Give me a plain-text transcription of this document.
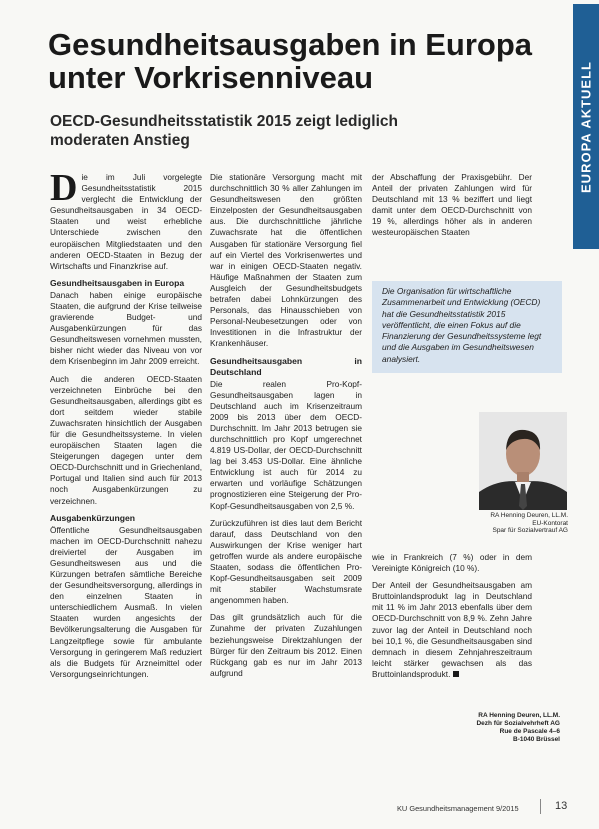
EUROPA AKTUELL
Gesundheitsausgaben in Europa unter Vorkrisenniveau
OECD-Gesundheitsstatistik 2015 zeigt lediglich moderaten Anstieg

Die im Juli vorgelegte Gesundheitsstatistik 2015 verglecht die Entwicklung der Gesundheitsausgaben in 34 OECD-Staaten und weist erhebliche Unterschiede zwischen den europäischen Mitgliedstaaten und den anderen OECD-Staaten in Bezug der Wirtschafts und Finanzkrise auf.

Gesundheitsausgaben in Europa

Danach haben einige europäische Staaten, die aufgrund der Krise teilweise gravierende Budget- und Ausgabenkürzungen für das Gesundheitswesen vornehmen mussten, bisher nicht wieder das Niveau von vor dem Krisenbeginn im Jahr 2009 erreicht.

Auch die anderen OECD-Staaten verzeichneten Einbrüche bei den Gesundheitsausgaben, allerdings gibt es dort seitdem wieder stabile Zuwachsraten hinsichtlich der Ausgaben für die Gesundheitssysteme. In vielen europäischen Staaten lagen die Steigerungen dagegen unter dem OECD-Durchschnitt und in Griechenland, Portugal und Italien sind auch für 2013 noch Ausgabenkürzungen zu verzeichnen.

Ausgabenkürzungen

Öffentliche Gesundheitsausgaben machen im OECD-Durchschnitt nahezu dreiviertel der Ausgaben im Gesundheitswesen aus und die Kürzungen betrafen sämtliche Bereiche der Gesundheitsversorgung, allerdings in den einzelnen Staaten in unterschiedlichem Ausmaß. In vielen Staaten wurden angesichts der Bevölkerungsalterung die Ausgaben für Langzeitpflege sowie für ambulante Versorgung in geringerem Maß reduziert als die Budgets für Arzneimittel oder Versorgungseinrichtungen.

Die stationäre Versorgung macht mit durchschnittlich 30 % aller Zahlungen im Gesundheitswesen den größten Einzelposten der Gesundheitsausgaben aus. Die durchschnittliche jährliche Zuwachsrate hat die öffentlichen Ausgaben für stationäre Versorgung fiel auf ein Viertel des Vorkrisenwertes und war in einigen OECD-Staaten negativ. Häufige Maßnahmen der Staaten zum Ausgleich der Gesundheitsbudgets betrafen dabei Lohnkürzungen des Personals, das Hinausschieben von Personal-Neubesetzungen oder von Investitionen in die Infrastruktur der Krankenhäuser.

Gesundheitsausgaben in Deutschland

Die realen Pro-Kopf-Gesundheitsausgaben lagen in Deutschland auch im Krisenzeitraum 2009 bis 2013 über dem OECD-Durchschnitt. Im Jahr 2013 betrugen sie durchschnittlich pro Kopf umgerechnet 4.819 US-Dollar, der OECD-Durchschnitt lag bei 3.453 US-Dollar. Eine ähnliche Entwicklung ist auch für 2014 zu erwarten und vorläufige Schätzungen prognostizieren eine Steigerung der Pro-Kopf-Gesundheitsausgaben von 2,5 %.

Zurückzuführen ist dies laut dem Bericht darauf, dass Deutschland von den Auswirkungen der Krise weniger hart getroffen wurde als andere europäische Staaten, sodass die öffentlichen Pro-Kopf-Gesundheitsausgaben seit 2009 mit stabiler Wachstumsrate angenommen haben.

Das gilt grundsätzlich auch für die Zunahme der privaten Zuzahlungen beziehungsweise Direktzahlungen der Bürger für den Zeitraum bis 2012. Einen Rückgang gab es nur im Jahr 2013 aufgrund

der Abschaffung der Praxisgebühr. Der Anteil der privaten Zahlungen wird für Deutschland mit 13 % beziffert und liegt damit unter dem OECD-Durchschnitt von 19 %, allerdings höher als in anderen westeuropäischen Staaten

Die Organisation für wirtschaftliche Zusammenarbeit und Entwicklung (OECD) hat die Gesundheitsstatistik 2015 veröffentlicht, die einen Fokus auf die Finanzierung der Gesundheitssysteme legt und die Ausgaben im Gesundheitswesen analysiert.
RA Henning Deuren, LL.M.
EU-Kontorat
Spar für Sozialvertrauf AG

wie in Frankreich (7 %) oder in dem Vereinigte Königreich (10 %).

Der Anteil der Gesundheitsausgaben am Bruttoinlandsprodukt lag in Deutschland mit 11 % im Jahr 2013 ebenfalls über dem OECD-Durchschnitt von 8,9 %. Zehn Jahre zuvor lag der Anteil in Deutschland noch bei 10,1 %, die Gesundheitsausgaben sind demnach in diesem Zehnjahreszeitraum leicht stärker gewachsen als das Bruttoinlandsprodukt.

RA Henning Deuren, LL.M.
Dezh für Sozialvehrheft AG
Rue de Pascale 4–6
B-1040 Brüssel
KU Gesundheitsmanagement 9/2015	13
